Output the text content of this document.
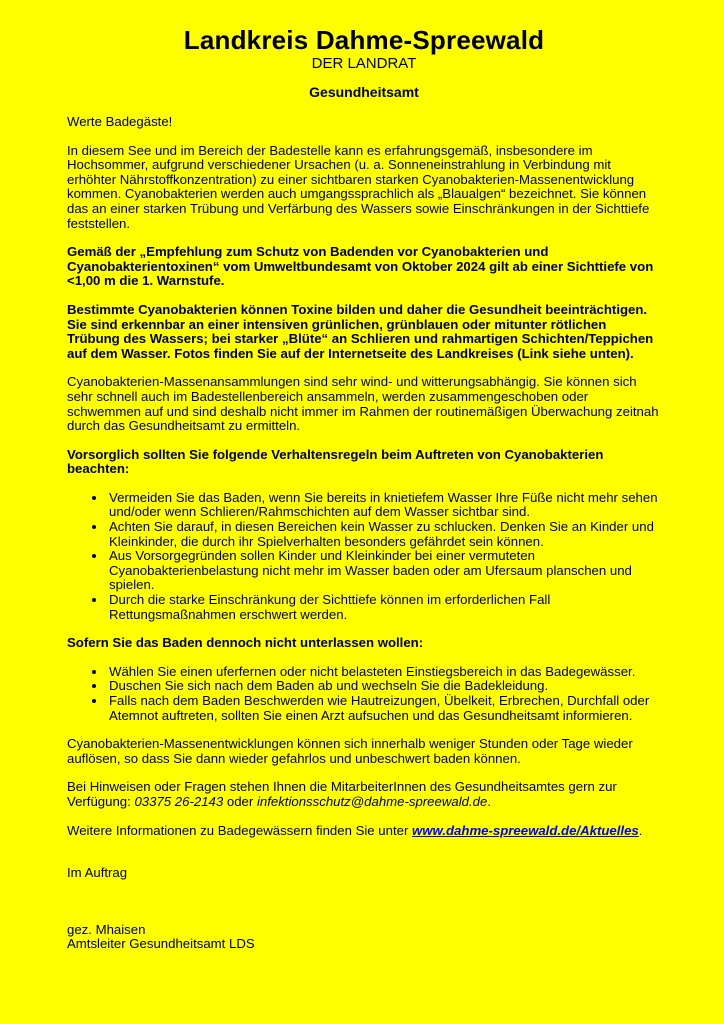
Landkreis Dahme-Spreewald
DER LANDRAT
Gesundheitsamt

Werte Badegäste!

In diesem See und im Bereich der Badestelle kann es erfahrungsgemäß, insbesondere im Hochsommer, aufgrund verschiedener Ursachen (u. a. Sonneneinstrahlung in Verbindung mit erhöhter Nährstoffkonzentration) zu einer sichtbaren starken Cyanobakterien-Massenentwicklung kommen. Cyanobakterien werden auch umgangssprachlich als „Blaualgen“ bezeichnet. Sie können das an einer starken Trübung und Verfärbung des Wassers sowie Einschränkungen in der Sichttiefe feststellen.

Gemäß der „Empfehlung zum Schutz von Badenden vor Cyanobakterien und Cyanobakterientoxinen“ vom Umweltbundesamt von Oktober 2024 gilt ab einer Sichttiefe von <1,00 m die 1. Warnstufe.

Bestimmte Cyanobakterien können Toxine bilden und daher die Gesundheit beeinträchtigen. Sie sind erkennbar an einer intensiven grünlichen, grünblauen oder mitunter rötlichen Trübung des Wassers; bei starker „Blüte“ an Schlieren und rahmartigen Schichten/Teppichen auf dem Wasser. Fotos finden Sie auf der Internetseite des Landkreises (Link siehe unten).

Cyanobakterien-Massenansammlungen sind sehr wind- und witterungsabhängig. Sie können sich sehr schnell auch im Badestellenbereich ansammeln, werden zusammengeschoben oder schwemmen auf und sind deshalb nicht immer im Rahmen der routinemäßigen Überwachung zeitnah durch das Gesundheitsamt zu ermitteln.

Vorsorglich sollten Sie folgende Verhaltensregeln beim Auftreten von Cyanobakterien beachten:

• Vermeiden Sie das Baden, wenn Sie bereits in knietiefem Wasser Ihre Füße nicht mehr sehen und/oder wenn Schlieren/Rahmschichten auf dem Wasser sichtbar sind.
• Achten Sie darauf, in diesen Bereichen kein Wasser zu schlucken. Denken Sie an Kinder und Kleinkinder, die durch ihr Spielverhalten besonders gefährdet sein können.
• Aus Vorsorgegründen sollen Kinder und Kleinkinder bei einer vermuteten Cyanobakterienbelastung nicht mehr im Wasser baden oder am Ufersaum planschen und spielen.
• Durch die starke Einschränkung der Sichttiefe können im erforderlichen Fall Rettungsmaßnahmen erschwert werden.

Sofern Sie das Baden dennoch nicht unterlassen wollen:

• Wählen Sie einen uferfernen oder nicht belasteten Einstiegsbereich in das Badegewässer.
• Duschen Sie sich nach dem Baden ab und wechseln Sie die Badekleidung.
• Falls nach dem Baden Beschwerden wie Hautreizungen, Übelkeit, Erbrechen, Durchfall oder Atemnot auftreten, sollten Sie einen Arzt aufsuchen und das Gesundheitsamt informieren.

Cyanobakterien-Massenentwicklungen können sich innerhalb weniger Stunden oder Tage wieder auflösen, so dass Sie dann wieder gefahrlos und unbeschwert baden können.

Bei Hinweisen oder Fragen stehen Ihnen die MitarbeiterInnen des Gesundheitsamtes gern zur Verfügung: 03375 26-2143 oder infektionsschutz@dahme-spreewald.de.

Weitere Informationen zu Badegewässern finden Sie unter www.dahme-spreewald.de/Aktuelles.

Im Auftrag

gez. Mhaisen
Amtsleiter Gesundheitsamt LDS
